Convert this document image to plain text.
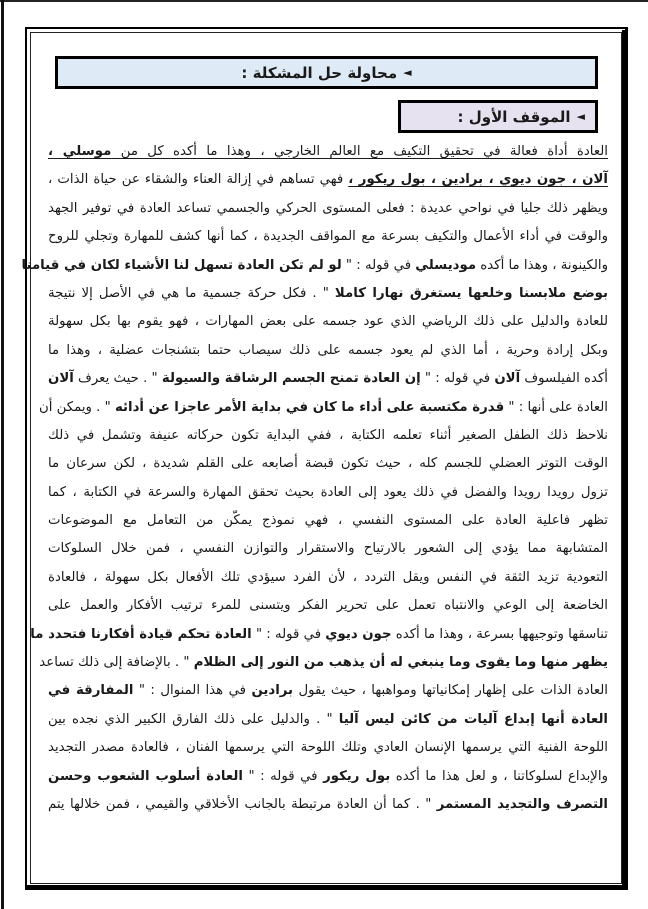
◄
محاولة حل المشكلة :
◄
الموقف الأول :
العادة أداة فعالة في تحقيق التكيف مع العالم الخارجي ، وهذا ما أكده كل من موسلي ،
آلان ، جون ديوي ، برادين ، بول ريكور ، فهي تساهم في إزالة العناء والشقاء عن حياة الذات ،
ويظهر ذلك جليا في نواحي عديدة : فعلى المستوى الحركي والجسمي تساعد العادة في توفير الجهد
والوقت في أداء الأعمال والتكيف بسرعة مع المواقف الجديدة ، كما أنها كشف للمهارة وتجلي للروح
والكينونة ، وهذا ما أكده موديسلي في قوله : " لو لم تكن العادة تسهل لنا الأشياء لكان في قيامنا
بوضع ملابسنا وخلعها يستغرق نهارا كاملا " . فكل حركة جسمية ما هي في الأصل إلا نتيجة
للعادة والدليل على ذلك الرياضي الذي عود جسمه على بعض المهارات ، فهو يقوم بها بكل سهولة
وبكل إرادة وحرية ، أما الذي لم يعود جسمه على ذلك سيصاب حتما بتشنجات عضلية ، وهذا ما
أكده الفيلسوف آلان في قوله : " إن العادة تمنح الجسم الرشاقة والسيولة " . حيث يعرف آلان
العادة على أنها : " قدرة مكتسبة على أداء ما كان في بداية الأمر عاجزا عن أدائه " . ويمكن أن
نلاحظ ذلك الطفل الصغير أثناء تعلمه الكتابة ، ففي البداية تكون حركاته عنيفة وتشمل في ذلك
الوقت التوتر العضلي للجسم كله ، حيث تكون قبضة أصابعه على القلم شديدة ، لكن سرعان ما
تزول رويدا رويدا والفضل في ذلك يعود إلى العادة بحيث تحقق المهارة والسرعة في الكتابة ، كما
تظهر فاعلية العادة على المستوى النفسي ، فهي نموذج يمكّن من التعامل مع الموضوعات
المتشابهة مما يؤدي إلى الشعور بالارتياح والاستقرار والتوازن النفسي ، فمن خلال السلوكات
التعودية تزيد الثقة في النفس ويقل التردد ، لأن الفرد سيؤدي تلك الأفعال بكل سهولة ، فالعادة
الخاضعة إلى الوعي والانتباه تعمل على تحرير الفكر ويتسنى للمرء ترتيب الأفكار والعمل على
تناسقها وتوجيهها بسرعة ، وهذا ما أكده جون ديوي في قوله : " العادة تحكم قيادة أفكارنا فتحدد ما
يظهر منها وما يقوى وما ينبغي له أن يذهب من النور إلى الظلام " . بالإضافة إلى ذلك تساعد
العادة الذات على إظهار إمكانياتها ومواهبها ، حيث يقول برادين في هذا المنوال : " المفارقة في
العادة أنها إبداع آليات من كائن ليس آليا " . والدليل على ذلك الفارق الكبير الذي نجده بين
اللوحة الفنية التي يرسمها الإنسان العادي وتلك اللوحة التي يرسمها الفنان ، فالعادة مصدر التجديد
والإبداع لسلوكاتنا ، و لعل هذا ما أكده بول ريكور في قوله : " العادة أسلوب الشعوب وحسن
التصرف والتجديد المستمر " . كما أن العادة مرتبطة بالجانب الأخلاقي والقيمي ، فمن خلالها يتم
